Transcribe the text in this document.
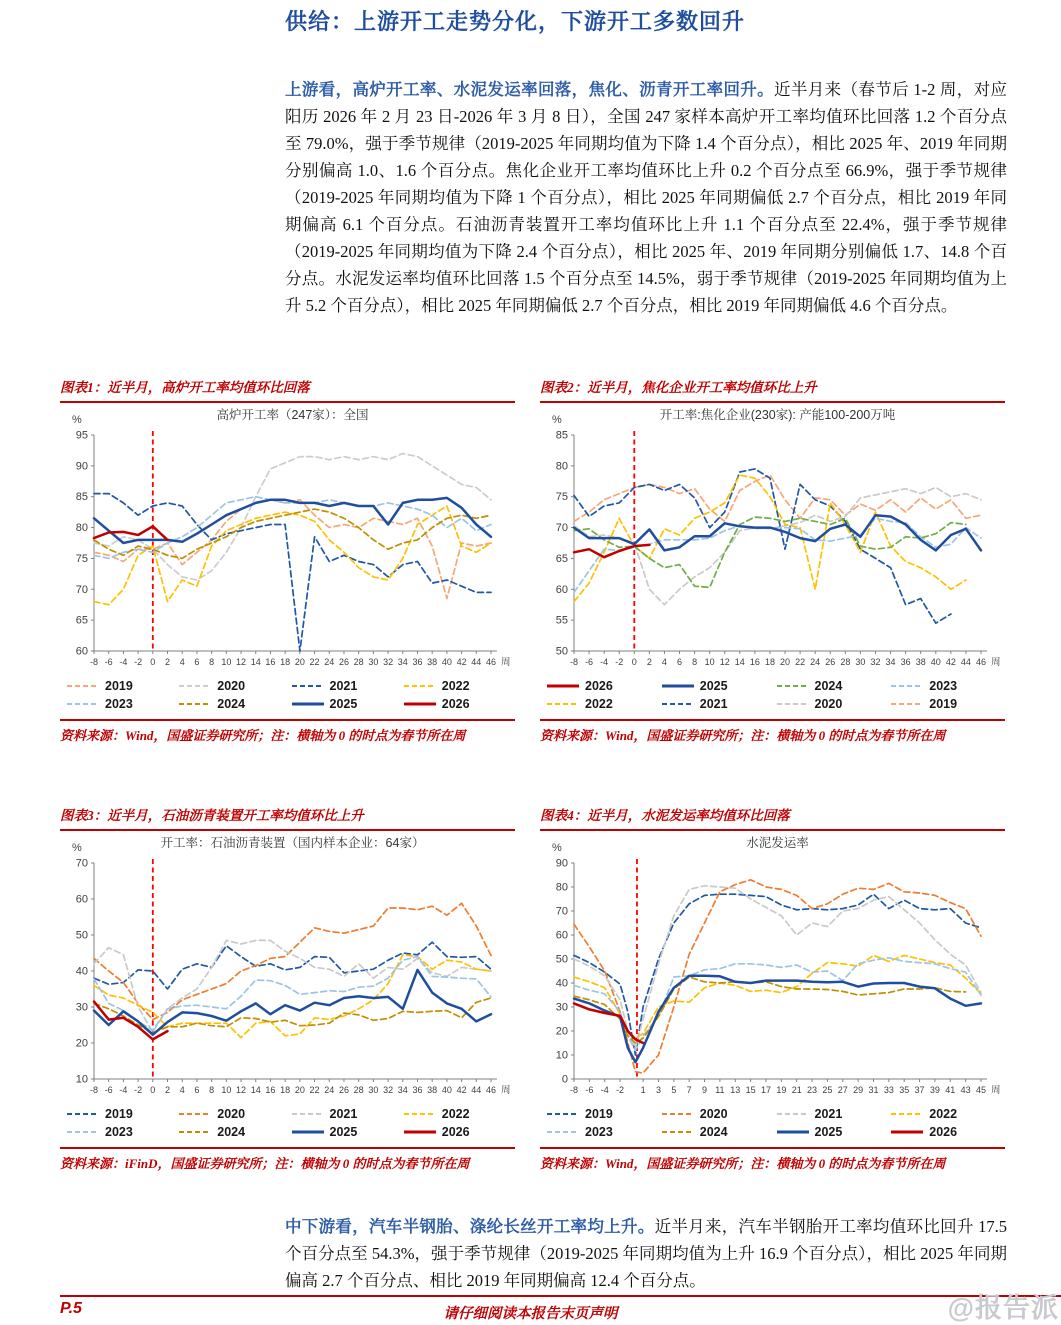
供给：上游开工走势分化，下游开工多数回升
上游看，高炉开工率、水泥发运率回落，焦化、沥青开工率回升。近半月来（春节后 1-2 周，对应阳历 2026 年 2 月 23 日-2026 年 3 月 8 日），全国 247 家样本高炉开工率均值环比回落 1.2 个百分点至 79.0%，强于季节规律（2019-2025 年同期均值为下降 1.4 个百分点），相比 2025 年、2019 年同期分别偏高 1.0、1.6 个百分点。焦化企业开工率均值环比上升 0.2 个百分点至 66.9%，强于季节规律（2019-2025 年同期均值为下降 1 个百分点），相比 2025 年同期偏低 2.7 个百分点，相比 2019 年同期偏高 6.1 个百分点。石油沥青装置开工率均值环比上升 1.1 个百分点至 22.4%，强于季节规律（2019-2025 年同期均值为下降 2.4 个百分点），相比 2025 年、2019 年同期分别偏低 1.7、14.8 个百分点。水泥发运率均值环比回落 1.5 个百分点至 14.5%，弱于季节规律（2019-2025 年同期均值为上升 5.2 个百分点），相比 2025 年同期偏低 2.7 个百分点，相比 2019 年同期偏低 4.6 个百分点。
图表1：近半月，高炉开工率均值环比回落
高炉开工率（247家）：全国
%
60
65
70
75
80
85
90
95
-8 -6 -4 -2 0 2 4 6 8 10 12 14 16 18 20 22 24 26 28 30 32 34 36 38 40 42 44 46 周
2019	2020	2021	2022
2023	2024	2025	2026
资料来源：Wind，国盛证券研究所；注：横轴为 0 的时点为春节所在周
图表2：近半月，焦化企业开工率均值环比上升
开工率:焦化企业(230家): 产能100-200万吨
%
50
55
60
65
70
75
80
85
-8 -6 -4 -2 0 2 4 6 8 10 12 14 16 18 20 22 24 26 28 30 32 34 36 38 40 42 44 46 周
2026	2025	2024	2023
2022	2021	2020	2019
资料来源：Wind，国盛证券研究所；注：横轴为 0 的时点为春节所在周
图表3：近半月，石油沥青装置开工率均值环比上升
开工率：石油沥青装置（国内样本企业：64家）
%
10
20
30
40
50
60
70
-8 -6 -4 -2 0 2 4 6 8 10 12 14 16 18 20 22 24 26 28 30 32 34 36 38 40 42 44 46 周
2019	2020	2021	2022
2023	2024	2025	2026
资料来源：iFinD，国盛证券研究所；注：横轴为 0 的时点为春节所在周
图表4：近半月，水泥发运率均值环比回落
水泥发运率
%
0
10
20
30
40
50
60
70
80
90
-8 -6 -4 -2 1 3 5 7 9 11 13 15 17 19 21 23 25 27 29 31 33 35 37 39 41 43 45 周
2019	2020	2021	2022
2023	2024	2025	2026
资料来源：Wind，国盛证券研究所；注：横轴为 0 的时点为春节所在周
中下游看，汽车半钢胎、涤纶长丝开工率均上升。近半月来，汽车半钢胎开工率均值环比回升 17.5 个百分点至 54.3%，强于季节规律（2019-2025 年同期均值为上升 16.9 个百分点），相比 2025 年同期偏高 2.7 个百分点、相比 2019 年同期偏高 12.4 个百分点。
P.5	请仔细阅读本报告末页声明	@报告派
